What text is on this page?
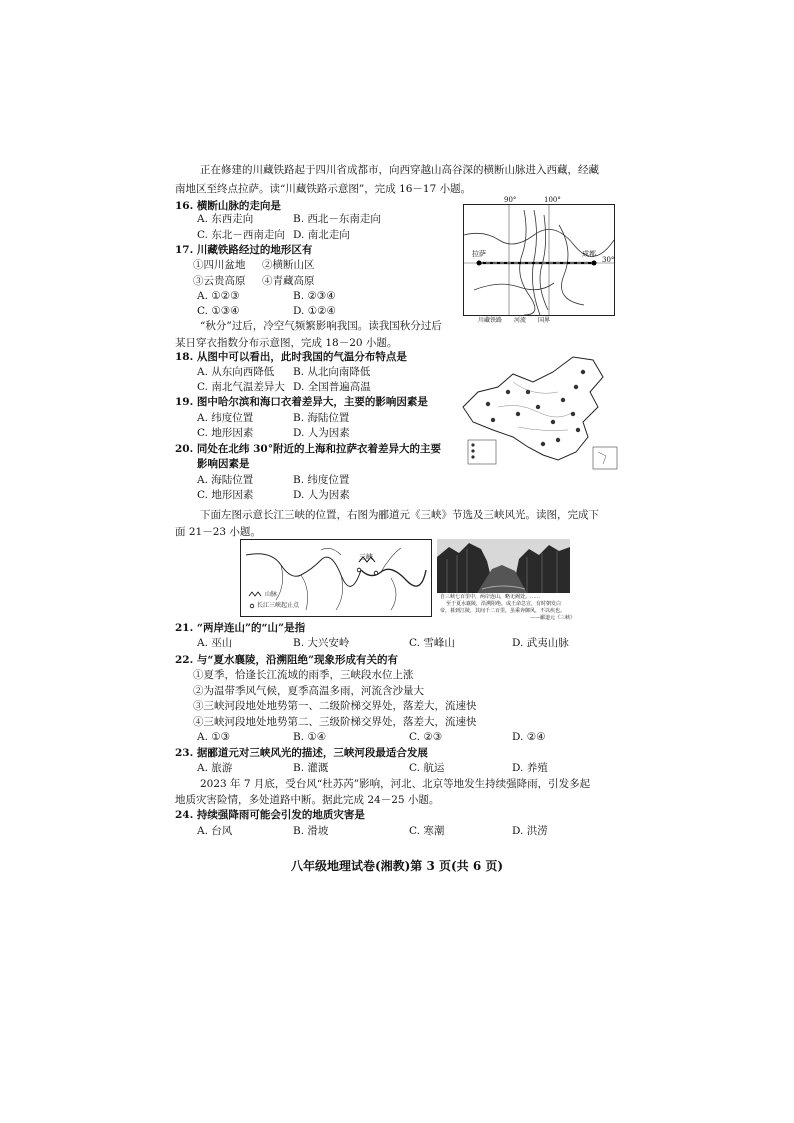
正在修建的川藏铁路起于四川省成都市，向西穿越山高谷深的横断山脉进入西藏，经藏
南地区至终点拉萨。读“川藏铁路示意图”，完成 16－17 小题。
16. 横断山脉的走向是
A. 东西走向	B. 西北－东南走向
C. 东北－西南走向 D. 南北走向
17. 川藏铁路经过的地形区有
①四川盆地 ②横断山区
③云贵高原 ④青藏高原
A. ①②③	B. ②③④
C. ①③④	D. ①②④
90°	100°
30°
拉萨	成都
川藏铁路　　河流　　国界
“秋分”过后，冷空气频繁影响我国。读我国秋分过后
某日穿衣指数分布示意图，完成 18－20 小题。
18. 从图中可以看出，此时我国的气温分布特点是
A. 从东向西降低 B. 从北向南降低
C. 南北气温差异大 D. 全国普遍高温
19. 图中哈尔滨和海口衣着差异大，主要的影响因素是
A. 纬度位置	B. 海陆位置
C. 地形因素	D. 人为因素
20. 同处在北纬 30°附近的上海和拉萨衣着差异大的主要
影响因素是
A. 海陆位置	B. 纬度位置
C. 地形因素	D. 人为因素
下面左图示意长江三峡的位置，右图为郦道元《三峡》节选及三峡风光。读图，完成下
面 21－23 小题。
三峡
山脉
长江三峡起止点
自三峡七百里中，两岸连山，略无阙处。……
至于夏水襄陵，沿溯阻绝。或王命急宣，有时朝发白
帝，暮到江陵，其间千二百里，虽乘奔御风，不以疾也。
——郦道元《三峡》
21. “两岸连山”的“山”是指
A. 巫山	B. 大兴安岭	C. 雪峰山	D. 武夷山脉
22. 与“夏水襄陵，沿溯阻绝”现象形成有关的有
①夏季，恰逢长江流域的雨季，三峡段水位上涨
②为温带季风气候，夏季高温多雨，河流含沙量大
③三峡河段地处地势第一、二级阶梯交界处，落差大，流速快
④三峡河段地处地势第二、三级阶梯交界处，落差大，流速快
A. ①③	B. ①④	C. ②③	D. ②④
23. 据郦道元对三峡风光的描述，三峡河段最适合发展
A. 旅游	B. 灌溉	C. 航运	D. 养殖
2023 年 7 月底，受台风“杜苏芮”影响，河北、北京等地发生持续强降雨，引发多起
地质灾害险情，多处道路中断。据此完成 24－25 小题。
24. 持续强降雨可能会引发的地质灾害是
A. 台风	B. 滑坡	C. 寒潮	D. 洪涝
八年级地理试卷(湘教)第 3 页(共 6 页)
